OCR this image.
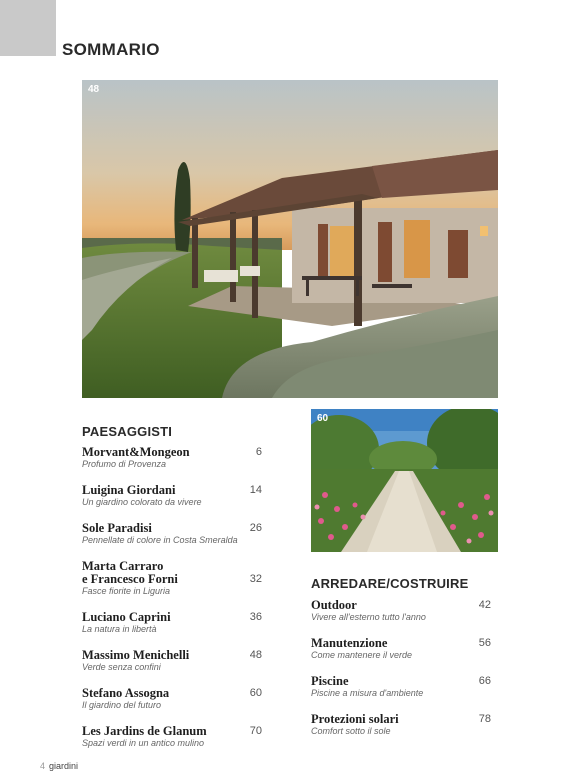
SOMMARIO
48
60
PAESAGGISTI
Morvant&Mongeon
Profumo di Provenza
6
Luigina Giordani
Un giardino colorato da vivere
14
Sole Paradisi
Pennellate di colore in Costa Smeralda
26
Marta Carraro
e Francesco Forni
Fasce fiorite in Liguria
32
Luciano Caprini
La natura in libertà
36
Massimo Menichelli
Verde senza confini
48
Stefano Assogna
Il giardino del futuro
60
Les Jardins de Glanum
Spazi verdi in un antico mulino
70
ARREDARE/COSTRUIRE
Outdoor
Vivere all'esterno tutto l'anno
42
Manutenzione
Come mantenere il verde
56
Piscine
Piscine a misura d'ambiente
66
Protezioni solari
Comfort sotto il sole
78
4 giardini
